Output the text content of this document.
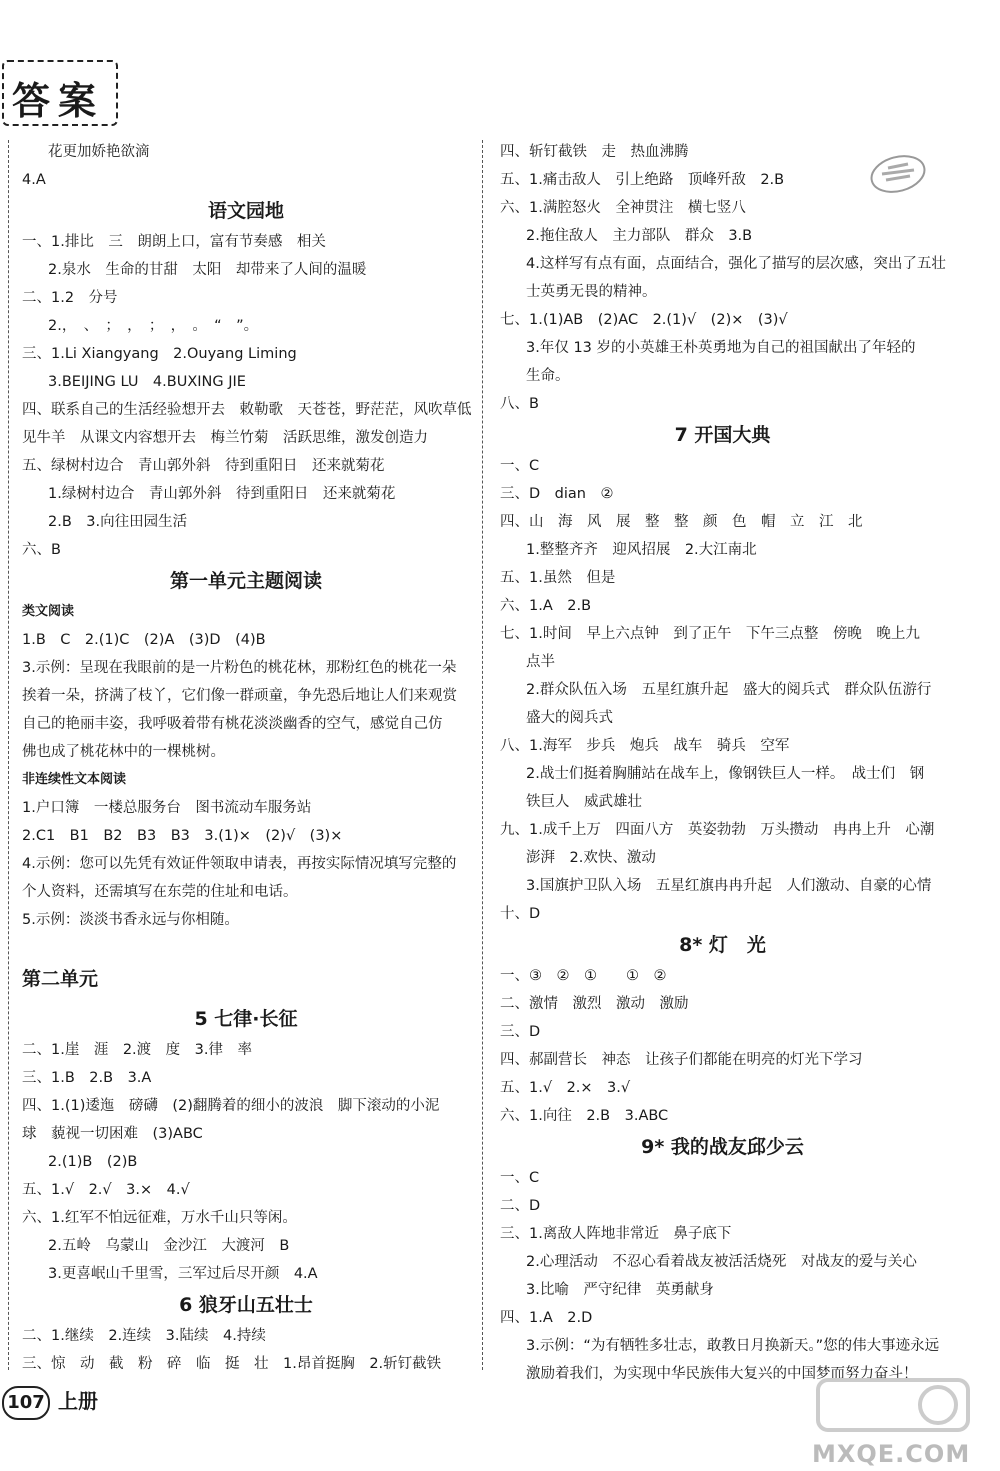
答案
花更加娇艳欲滴
4.A
语文园地
一、1.排比　三　朗朗上口，富有节奏感　相关
2.泉水　生命的甘甜　太阳　却带来了人间的温暖
二、1.2　分号
2.，　、　；　，　；　，　。　“　”。
三、1.Li Xiangyang　2.Ouyang Liming
3.BEIJING LU　4.BUXING JIE
四、联系自己的生活经验想开去　敕勒歌　天苍苍，野茫茫，风吹草低
见牛羊　从课文内容想开去　梅兰竹菊　活跃思维，激发创造力
五、绿树村边合　青山郭外斜　待到重阳日　还来就菊花
1.绿树村边合　青山郭外斜　待到重阳日　还来就菊花
2.B　3.向往田园生活
六、B
第一单元主题阅读
类文阅读
1.B　C　2.(1)C　(2)A　(3)D　(4)B
3.示例：呈现在我眼前的是一片粉色的桃花林，那粉红色的桃花一朵
挨着一朵，挤满了枝丫，它们像一群顽童，争先恐后地让人们来观赏
自己的艳丽丰姿，我呼吸着带有桃花淡淡幽香的空气，感觉自己仿
佛也成了桃花林中的一棵桃树。
非连续性文本阅读
1.户口簿　一楼总服务台　图书流动车服务站
2.C1　B1　B2　B3　B3　3.(1)×　(2)√　(3)×
4.示例：您可以先凭有效证件领取申请表，再按实际情况填写完整的
个人资料，还需填写在东莞的住址和电话。
5.示例：淡淡书香永远与你相随。
第二单元
5 七律·长征
二、1.崖　涯　2.渡　度　3.律　率
三、1.B　2.B　3.A
四、1.(1)逶迤　磅礴　(2)翻腾着的细小的波浪　脚下滚动的小泥
球　藐视一切困难　(3)ABC
2.(1)B　(2)B
五、1.√　2.√　3.×　4.√
六、1.红军不怕远征难，万水千山只等闲。
2.五岭　乌蒙山　金沙江　大渡河　B
3.更喜岷山千里雪，三军过后尽开颜　4.A
6 狼牙山五壮士
二、1.继续　2.连续　3.陆续　4.持续
三、惊　动　截　粉　碎　临　挺　壮　1.昂首挺胸　2.斩钉截铁
四、斩钉截铁　走　热血沸腾
五、1.痛击敌人　引上绝路　顶峰歼敌　2.B
六、1.满腔怒火　全神贯注　横七竖八
2.拖住敌人　主力部队　群众　3.B
4.这样写有点有面，点面结合，强化了描写的层次感，突出了五壮
士英勇无畏的精神。
七、1.(1)AB　(2)AC　2.(1)√　(2)×　(3)√
3.年仅 13 岁的小英雄王朴英勇地为自己的祖国献出了年轻的
生命。
八、B
7 开国大典
一、C
三、D　dian　②
四、山　海　风　展　整　整　颜　色　帽　立　江　北
1.整整齐齐　迎风招展　2.大江南北
五、1.虽然　但是
六、1.A　2.B
七、1.时间　早上六点钟　到了正午　下午三点整　傍晚　晚上九
点半
2.群众队伍入场　五星红旗升起　盛大的阅兵式　群众队伍游行
盛大的阅兵式
八、1.海军　步兵　炮兵　战车　骑兵　空军
2.战士们挺着胸脯站在战车上，像钢铁巨人一样。　战士们　钢
铁巨人　威武雄壮
九、1.成千上万　四面八方　英姿勃勃　万头攒动　冉冉上升　心潮
澎湃　2.欢快、激动
3.国旗护卫队入场　五星红旗冉冉升起　人们激动、自豪的心情
十、D
8* 灯　光
一、③　②　①　　①　②
二、激情　激烈　激动　激励
三、D
四、郝副营长　神态　让孩子们都能在明亮的灯光下学习
五、1.√　2.×　3.√
六、1.向往　2.B　3.ABC
9* 我的战友邱少云
一、C
二、D
三、1.离敌人阵地非常近　鼻子底下
2.心理活动　不忍心看着战友被活活烧死　对战友的爱与关心
3.比喻　严守纪律　英勇献身
四、1.A　2.D
3.示例：“为有牺牲多壮志，敢教日月换新天。”您的伟大事迹永远
激励着我们，为实现中华民族伟大复兴的中国梦而努力奋斗！
107 上册
MXQE.COM
